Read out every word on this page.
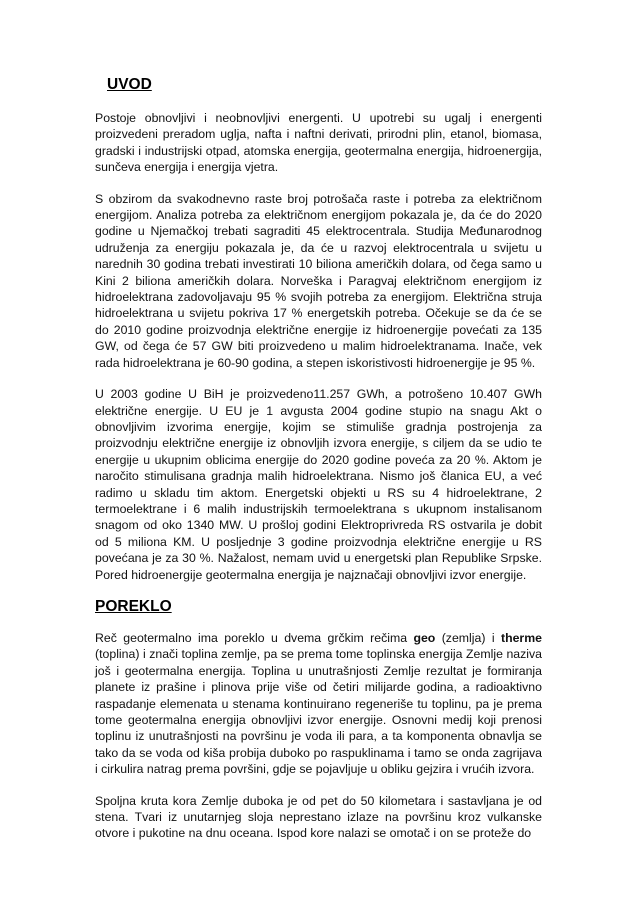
UVOD

Postoje obnovljivi i neobnovljivi energenti. U upotrebi su ugalj i energenti proizvedeni preradom uglja, nafta i naftni derivati, prirodni plin, etanol, biomasa, gradski i industrijski otpad, atomska energija, geotermalna energija, hidroenergija, sunčeva energija i energija vjetra.

S obzirom da svakodnevno raste broj potrošača raste i potreba za električnom energijom. Analiza potreba za električnom energijom pokazala je, da će do 2020 godine u Njemačkoj trebati sagraditi 45 elektrocentrala. Studija Međunarodnog udruženja za energiju pokazala je, da će u razvoj elektrocentrala u svijetu u narednih 30 godina trebati investirati 10 biliona američkih dolara, od čega samo u Kini 2 biliona američkih dolara. Norveška i Paragvaj električnom energijom iz hidroelektrana zadovoljavaju 95 % svojih potreba za energijom. Električna struja hidroelektrana u svijetu pokriva 17 % energetskih potreba. Očekuje se da će se do 2010 godine proizvodnja električne energije iz hidroenergije povećati za 135 GW, od čega će 57 GW biti proizvedeno u malim hidroelektranama. Inače, vek rada hidroelektrana je 60-90 godina, a stepen iskoristivosti hidroenergije je 95 %.

U 2003 godine U BiH je proizvedeno11.257 GWh, a potrošeno 10.407 GWh električne energije. U EU je 1 avgusta 2004 godine stupio na snagu Akt o obnovljivim izvorima energije, kojim se stimuliše gradnja postrojenja za proizvodnju električne energije iz obnovljih izvora energije, s ciljem da se udio te energije u ukupnim oblicima energije do 2020 godine poveća za 20 %. Aktom je naročito stimulisana gradnja malih hidroelektrana. Nismo još članica EU, a već radimo u skladu tim aktom. Energetski objekti u RS su 4 hidroelektrane, 2 termoelektrane i 6 malih industrijskih termoelektrana s ukupnom instalisanom snagom od oko 1340 MW. U prošloj godini Elektroprivreda RS ostvarila je dobit od 5 miliona KM. U posljednje 3 godine proizvodnja električne energije u RS povećana je za 30 %. Nažalost, nemam uvid u energetski plan Republike Srpske. Pored hidroenergije geotermalna energija je najznačaji obnovljivi izvor energije.

POREKLO

Reč geotermalno ima poreklo u dvema grčkim rečima geo (zemlja) i therme (toplina) i znači toplina zemlje, pa se prema tome toplinska energija Zemlje naziva još i geotermalna energija. Toplina u unutrašnjosti Zemlje rezultat je formiranja planete iz prašine i plinova prije više od četiri milijarde godina, a radioaktivno raspadanje elemenata u stenama kontinuirano regeneriše tu toplinu, pa je prema tome geotermalna energija obnovljivi izvor energije. Osnovni medij koji prenosi toplinu iz unutrašnjosti na površinu je voda ili para, a ta komponenta obnavlja se tako da se voda od kiša probija duboko po raspuklinama i tamo se onda zagrijava i cirkulira natrag prema površini, gdje se pojavljuje u obliku gejzira i vrućih izvora.

Spoljna kruta kora Zemlje duboka je od pet do 50 kilometara i sastavljana je od stena. Tvari iz unutarnjeg sloja neprestano izlaze na površinu kroz vulkanske otvore i pukotine na dnu oceana. Ispod kore nalazi se omotač i on se proteže do
